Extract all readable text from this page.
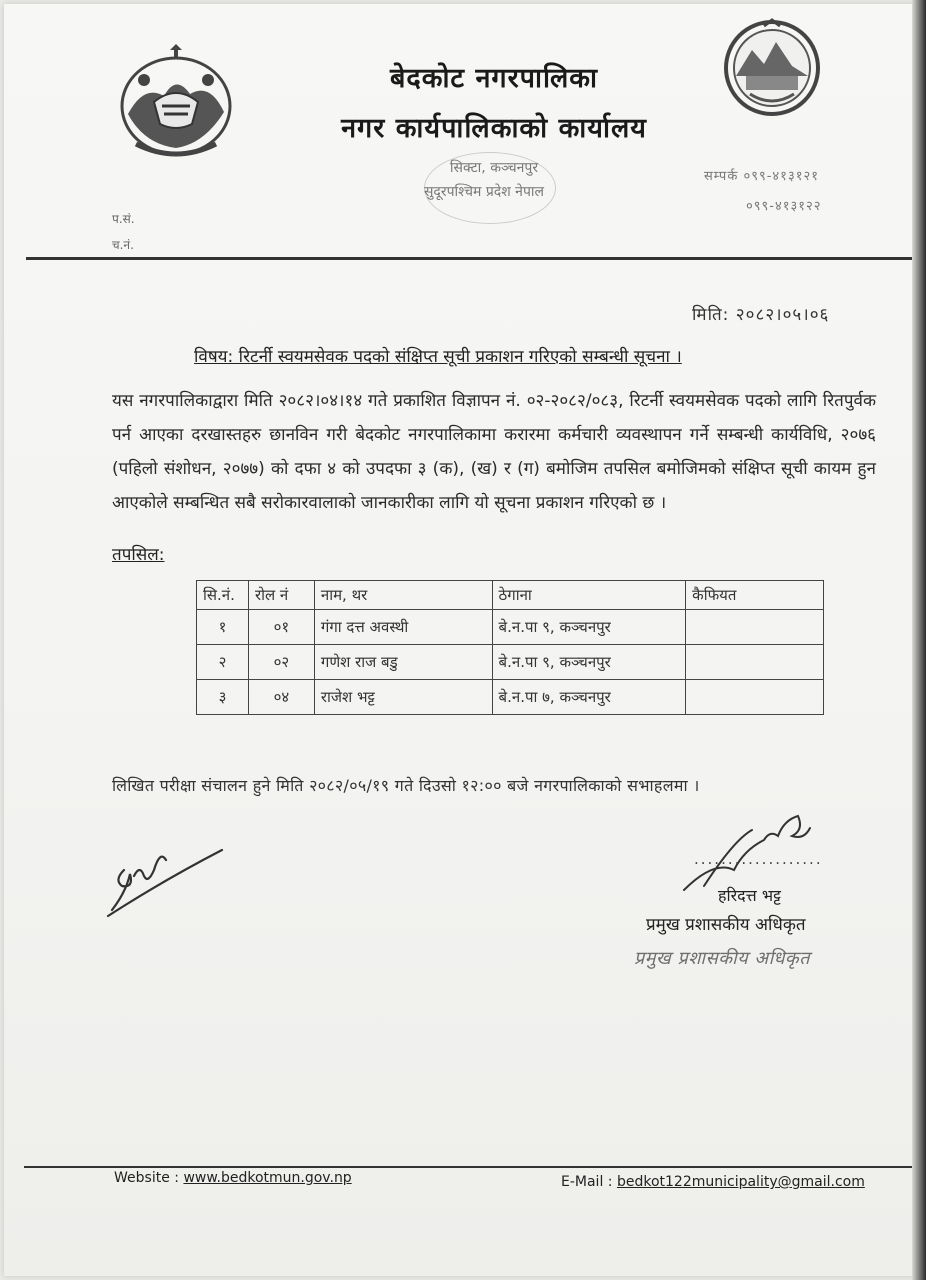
बेदकोट नगरपालिका
नगर कार्यपालिकाको कार्यालय
सिक्टा, कञ्चनपुर
सुदूरपश्चिम प्रदेश नेपाल
सम्पर्क ०९९-४१३१२१
०९९-४१३१२२
प.सं.
च.नं.
मिति: २०८२।०५।०६
विषय: रिटर्नी स्वयमसेवक पदको संक्षिप्त सूची प्रकाशन गरिएको सम्बन्धी सूचना ।
यस नगरपालिकाद्वारा मिति २०८२।०४।१४ गते प्रकाशित विज्ञापन नं. ०२-२०८२/०८३, रिटर्नी स्वयमसेवक पदको लागि रितपुर्वक पर्न आएका दरखास्तहरु छानविन गरी बेदकोट नगरपालिकामा करारमा कर्मचारी व्यवस्थापन गर्ने सम्बन्धी कार्यविधि, २०७६ (पहिलो संशोधन, २०७७) को दफा ४ को उपदफा ३ (क), (ख) र (ग) बमोजिम तपसिल बमोजिमको संक्षिप्त सूची कायम हुन आएकोले सम्बन्धित सबै सरोकारवालाको जानकारीका लागि यो सूचना प्रकाशन गरिएको छ ।
तपसिल:
सि.नं.	रोल नं	नाम, थर	ठेगाना	कैफियत
१	०१	गंगा दत्त अवस्थी	बे.न.पा ९, कञ्चनपुर	
२	०२	गणेश राज बडु	बे.न.पा ९, कञ्चनपुर	
३	०४	राजेश भट्ट	बे.न.पा ७, कञ्चनपुर	
लिखित परीक्षा संचालन हुने मिति २०८२/०५/१९ गते दिउसो १२:०० बजे नगरपालिकाको सभाहलमा ।
...................
हरिदत्त भट्ट
प्रमुख प्रशासकीय अधिकृत
प्रमुख प्रशासकीय अधिकृत
Website : www.bedkotmun.gov.np	E-Mail : bedkot122municipality@gmail.com
